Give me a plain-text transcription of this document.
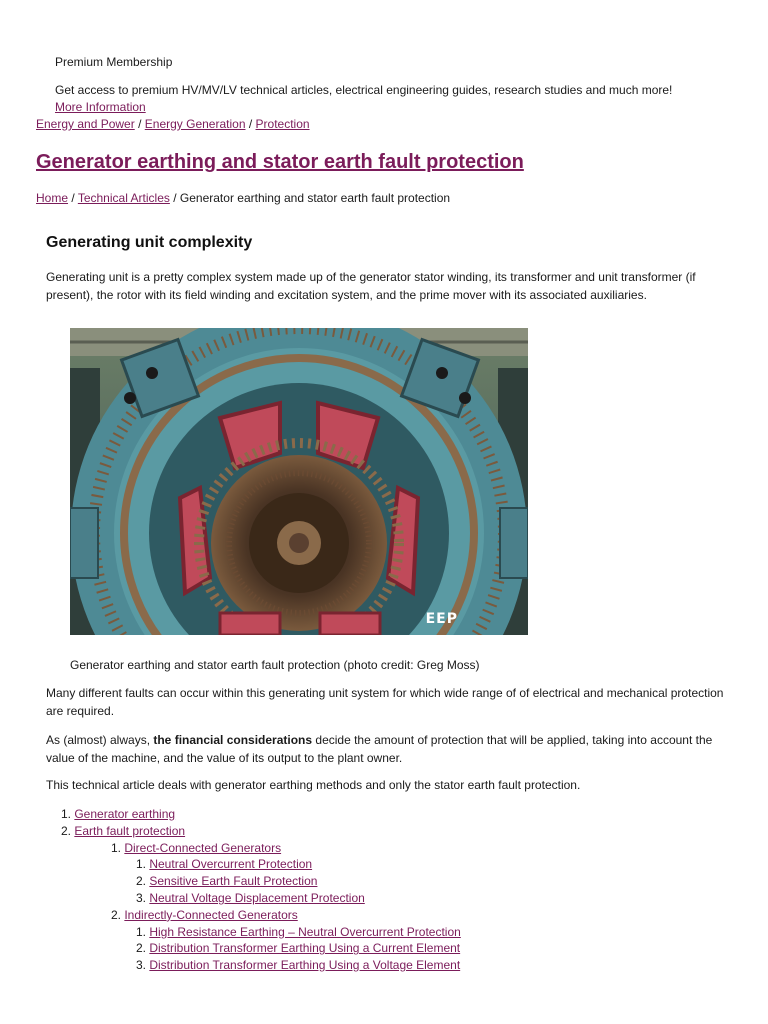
Premium Membership

Get access to premium HV/MV/LV technical articles, electrical engineering guides, research studies and much more!

More Information
Energy and Power / Energy Generation / Protection
Generator earthing and stator earth fault protection
Home / Technical Articles / Generator earthing and stator earth fault protection
Generating unit complexity

Generating unit is a pretty complex system made up of the generator stator winding, its transformer and unit transformer (if present), the rotor with its field winding and excitation system, and the prime mover with its associated auxiliaries.

EEP

Generator earthing and stator earth fault protection (photo credit: Greg Moss)

Many different faults can occur within this generating unit system for which wide range of of electrical and mechanical protection are required.

As (almost) always, the financial considerations decide the amount of protection that will be applied, taking into account the value of the machine, and the value of its output to the plant owner.

This technical article deals with generator earthing methods and only the stator earth fault protection.

1. Generator earthing
2. Earth fault protection
1. Direct-Connected Generators
1. Neutral Overcurrent Protection
2. Sensitive Earth Fault Protection
3. Neutral Voltage Displacement Protection
2. Indirectly-Connected Generators
1. High Resistance Earthing – Neutral Overcurrent Protection
2. Distribution Transformer Earthing Using a Current Element
3. Distribution Transformer Earthing Using a Voltage Element
